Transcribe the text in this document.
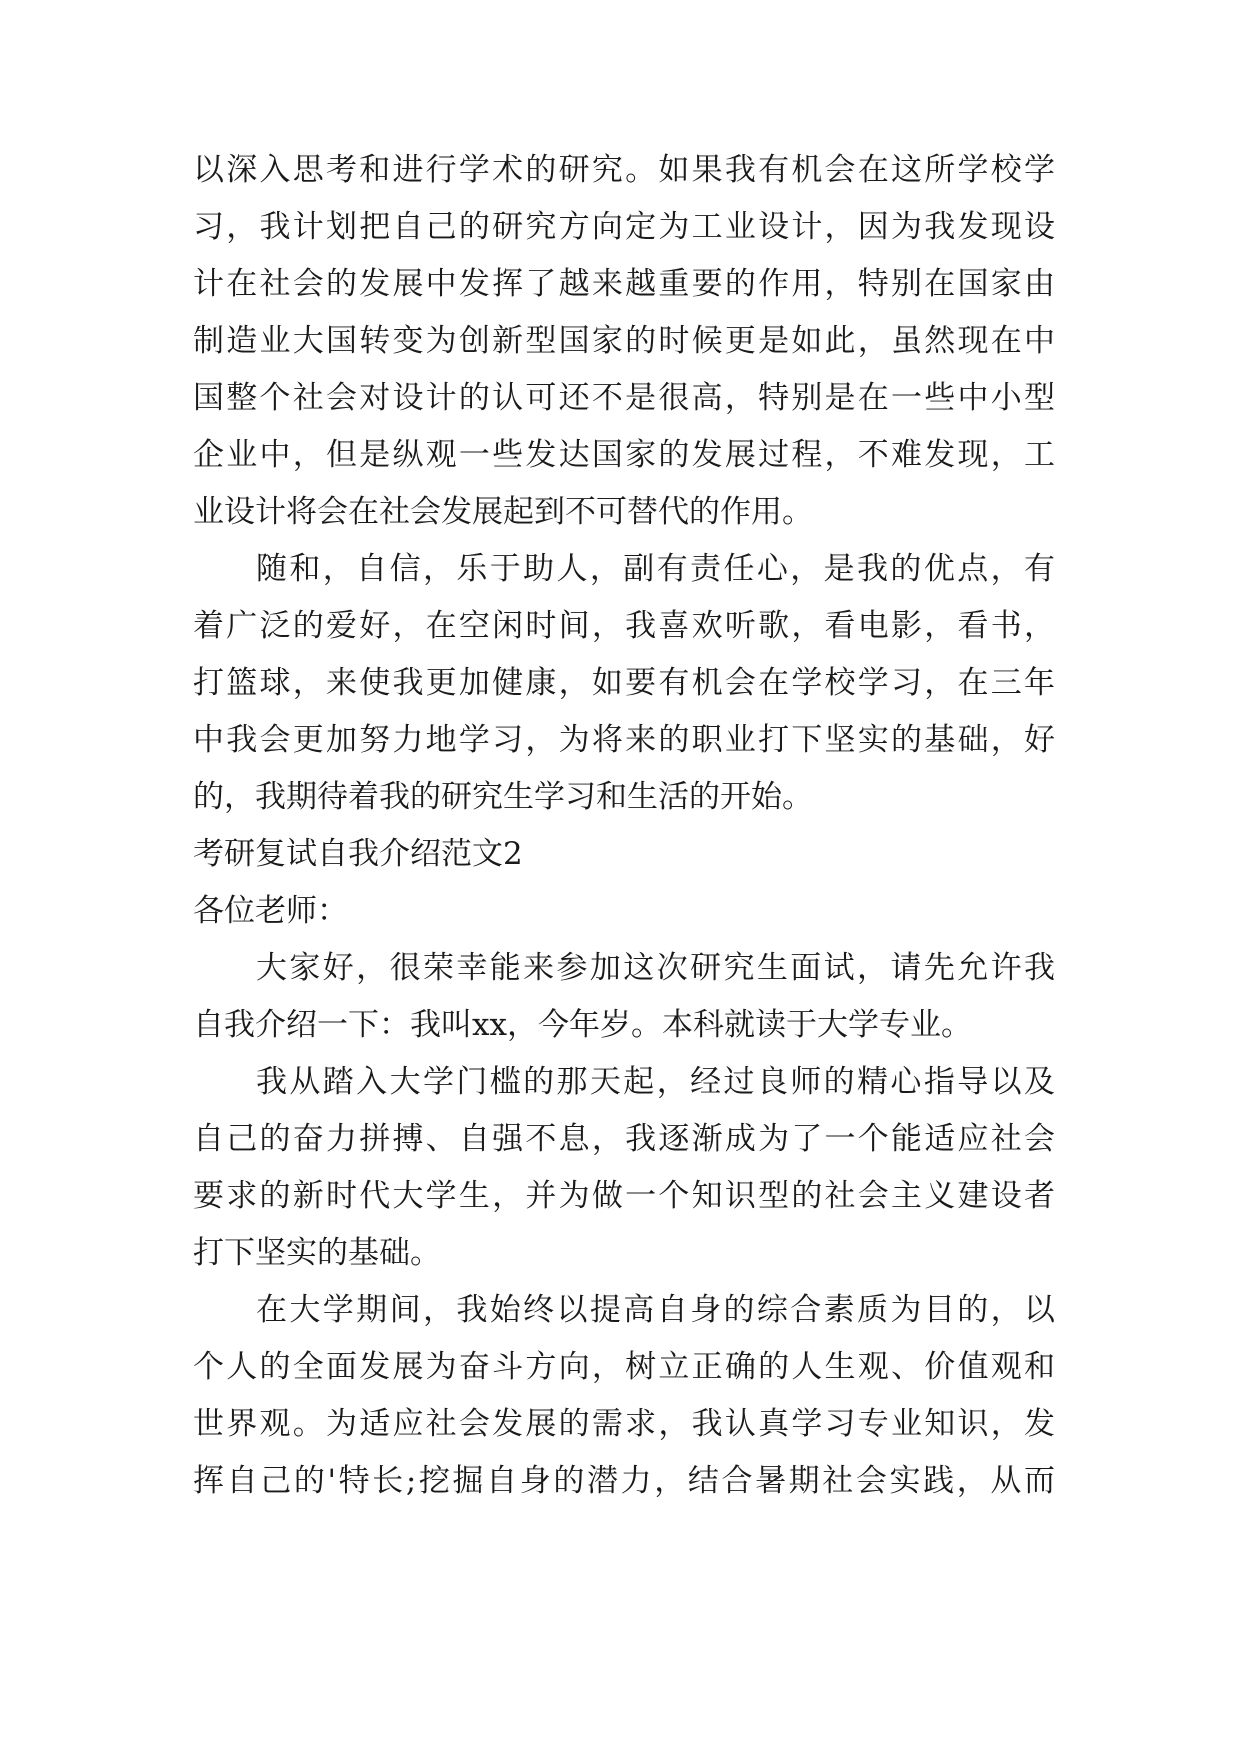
以深入思考和进行学术的研究。如果我有机会在这所学校学
习，我计划把自己的研究方向定为工业设计，因为我发现设
计在社会的发展中发挥了越来越重要的作用，特别在国家由
制造业大国转变为创新型国家的时候更是如此，虽然现在中
国整个社会对设计的认可还不是很高，特别是在一些中小型
企业中，但是纵观一些发达国家的发展过程，不难发现，工
业设计将会在社会发展起到不可替代的作用。
随和，自信，乐于助人，副有责任心，是我的优点，有
着广泛的爱好，在空闲时间，我喜欢听歌，看电影，看书，
打篮球，来使我更加健康，如要有机会在学校学习，在三年
中我会更加努力地学习，为将来的职业打下坚实的基础，好
的，我期待着我的研究生学习和生活的开始。
考研复试自我介绍范文2
各位老师：
大家好，很荣幸能来参加这次研究生面试，请先允许我
自我介绍一下：我叫xx，今年岁。本科就读于大学专业。
我从踏入大学门槛的那天起，经过良师的精心指导以及
自己的奋力拼搏、自强不息，我逐渐成为了一个能适应社会
要求的新时代大学生，并为做一个知识型的社会主义建设者
打下坚实的基础。
在大学期间，我始终以提高自身的综合素质为目的，以
个人的全面发展为奋斗方向，树立正确的人生观、价值观和
世界观。为适应社会发展的需求，我认真学习专业知识，发
挥自己的'特长;挖掘自身的潜力，结合暑期社会实践，从而
